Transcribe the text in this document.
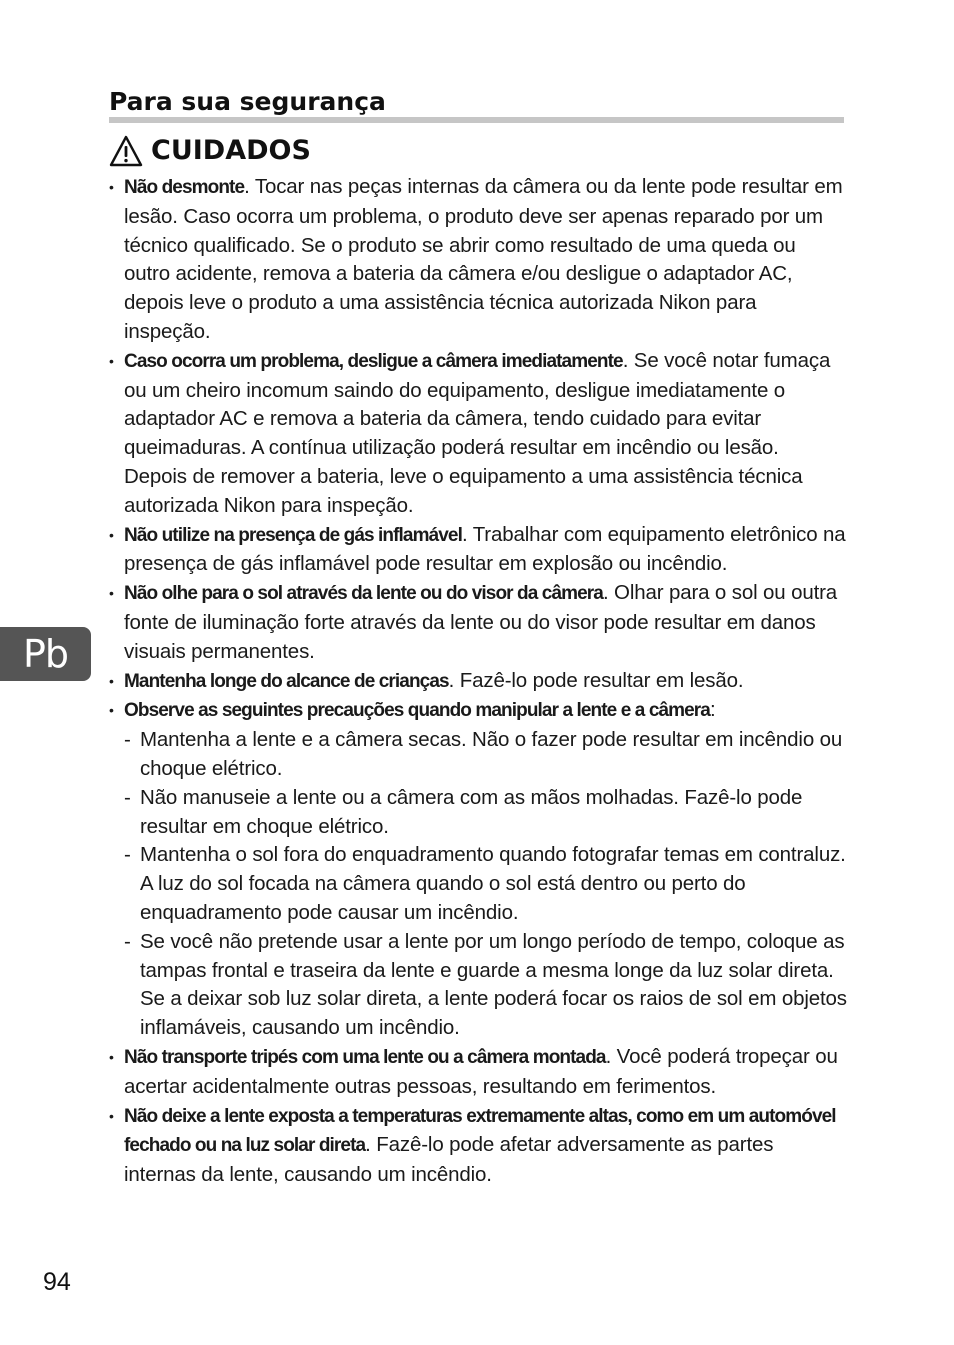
Para sua segurança
CUIDADOS
• Não desmonte. Tocar nas peças internas da câmera ou da lente pode resultar em lesão. Caso ocorra um problema, o produto deve ser apenas reparado por um técnico qualificado. Se o produto se abrir como resultado de uma queda ou outro acidente, remova a bateria da câmera e/ou desligue o adaptador AC, depois leve o produto a uma assistência técnica autorizada Nikon para inspeção.
• Caso ocorra um problema, desligue a câmera imediatamente. Se você notar fumaça ou um cheiro incomum saindo do equipamento, desligue imediatamente o adaptador AC e remova a bateria da câmera, tendo cuidado para evitar queimaduras. A contínua utilização poderá resultar em incêndio ou lesão. Depois de remover a bateria, leve o equipamento a uma assistência técnica autorizada Nikon para inspeção.
• Não utilize na presença de gás inflamável. Trabalhar com equipamento eletrônico na presença de gás inflamável pode resultar em explosão ou incêndio.
• Não olhe para o sol através da lente ou do visor da câmera. Olhar para o sol ou outra fonte de iluminação forte através da lente ou do visor pode resultar em danos visuais permanentes.
• Mantenha longe do alcance de crianças. Fazê-lo pode resultar em lesão.
• Observe as seguintes precauções quando manipular a lente e a câmera:
- Mantenha a lente e a câmera secas. Não o fazer pode resultar em incêndio ou choque elétrico.
- Não manuseie a lente ou a câmera com as mãos molhadas. Fazê-lo pode resultar em choque elétrico.
- Mantenha o sol fora do enquadramento quando fotografar temas em contraluz. A luz do sol focada na câmera quando o sol está dentro ou perto do enquadramento pode causar um incêndio.
- Se você não pretende usar a lente por um longo período de tempo, coloque as tampas frontal e traseira da lente e guarde a mesma longe da luz solar direta. Se a deixar sob luz solar direta, a lente poderá focar os raios de sol em objetos inflamáveis, causando um incêndio.
• Não transporte tripés com uma lente ou a câmera montada. Você poderá tropeçar ou acertar acidentalmente outras pessoas, resultando em ferimentos.
• Não deixe a lente exposta a temperaturas extremamente altas, como em um automóvel fechado ou na luz solar direta. Fazê-lo pode afetar adversamente as partes internas da lente, causando um incêndio.
Pb
94
